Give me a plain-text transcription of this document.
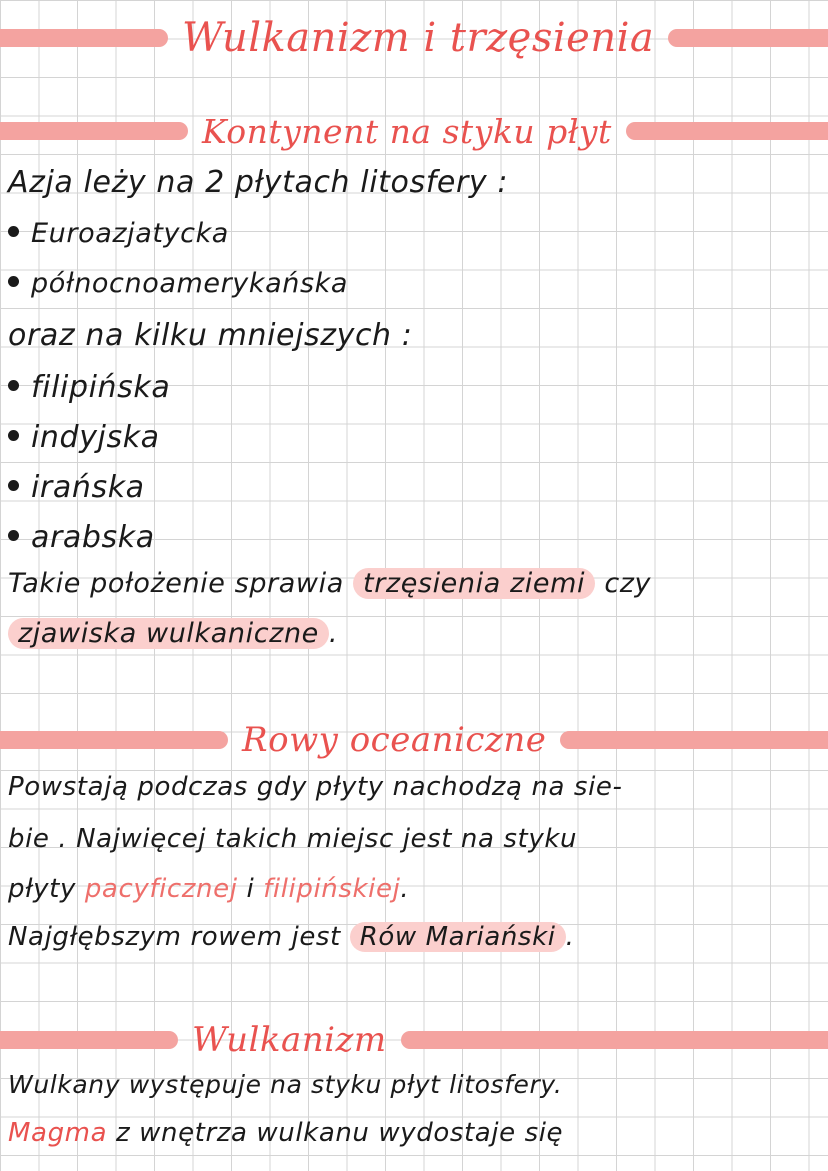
Wulkanizm i trzęsienia
Kontynent na styku płyt
Azja leży na 2 płytach litosfery :
Euroazjatycka
północnoamerykańska
oraz na kilku mniejszych :
filipińska
indyjska
irańska
arabska
Takie położenie sprawia trzęsienia ziemi czy
zjawiska wulkaniczne .
Rowy oceaniczne
Powstają podczas gdy płyty nachodzą na sie-
bie . Najwięcej takich miejsc jest na styku
płyty pacyficznej i filipińskiej.
Najgłębszym rowem jest Rów Mariański .
Wulkanizm
Wulkany występuje na styku płyt litosfery.
Magma z wnętrza wulkanu wydostaje się
